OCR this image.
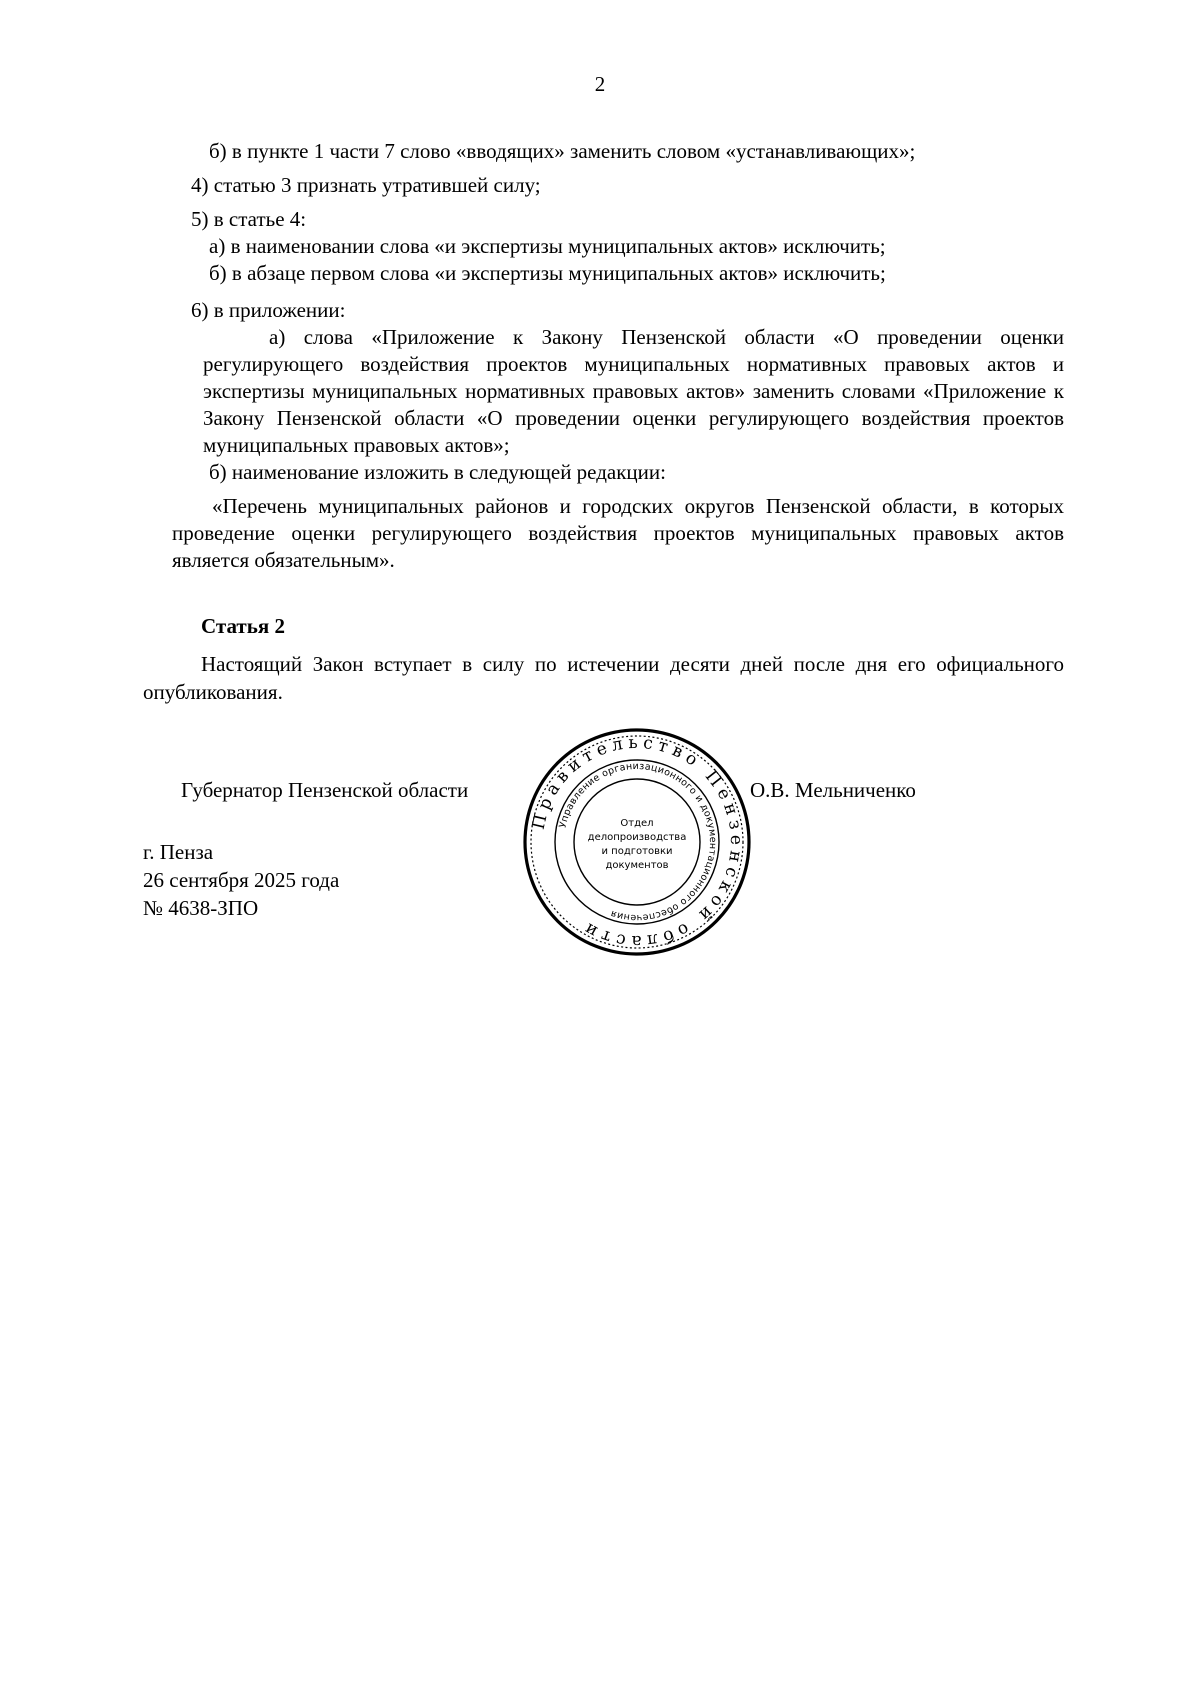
2

б) в пункте 1 части 7 слово «вводящих» заменить словом «устанавливающих»;

4) статью 3 признать утратившей силу;

5) в статье 4:

а) в наименовании слова «и экспертизы муниципальных актов» исключить;

б) в абзаце первом слова «и экспертизы муниципальных актов» исключить;

6) в приложении:

а) слова «Приложение к Закону Пензенской области «О проведении оценки регулирующего воздействия проектов муниципальных нормативных правовых актов и экспертизы муниципальных нормативных правовых актов» заменить словами «Приложение к Закону Пензенской области «О проведении оценки регулирующего воздействия проектов муниципальных правовых актов»;

б) наименование изложить в следующей редакции:

«Перечень муниципальных районов и городских округов Пензенской области, в которых проведение оценки регулирующего воздействия проектов муниципальных правовых актов является обязательным».

Статья 2

Настоящий Закон вступает в силу по истечении десяти дней после дня его официального опубликования.

Губернатор Пензенской области	О.В. Мельниченко
г. Пенза
26 сентября 2025 года
№ 4638-ЗПО
Правительство Пензенской области
Управление организационного и документационного обеспечения
Отдел
делопроизводства
и подготовки
документов
